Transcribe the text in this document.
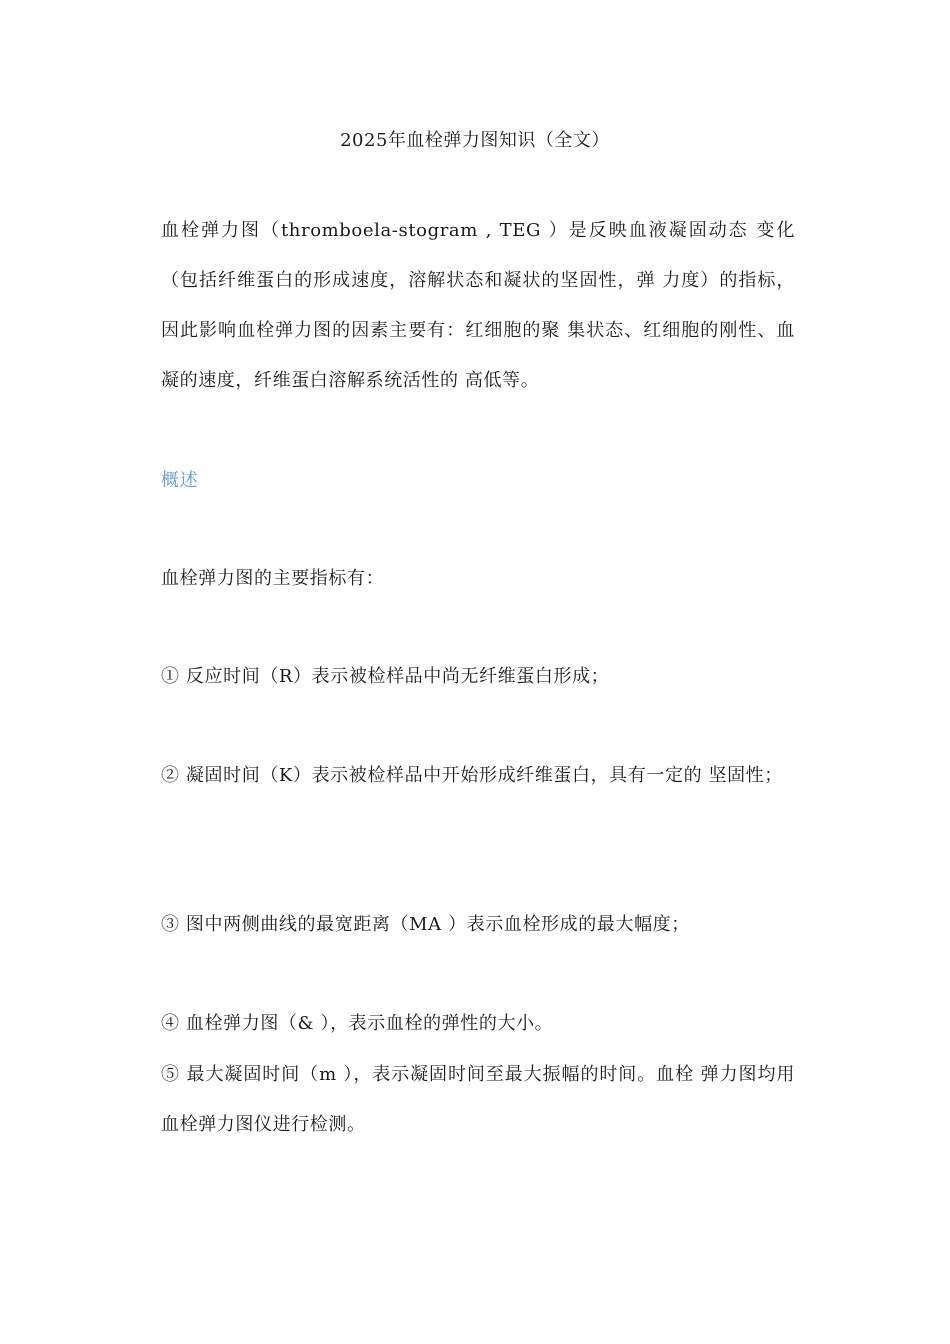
2025年血栓弹力图知识（全文）
血栓弹力图（thromboela-stogram , TEG ）是反映血液凝固动态 变化（包括纤维蛋白的形成速度，溶解状态和凝状的坚固性，弹 力度）的指标，因此影响血栓弹力图的因素主要有：红细胞的聚 集状态、红细胞的刚性、血凝的速度，纤维蛋白溶解系统活性的 高低等。
概述
血栓弹力图的主要指标有：
① 反应时间（R）表示被检样品中尚无纤维蛋白形成；
② 凝固时间（K）表示被检样品中开始形成纤维蛋白，具有一定的 坚固性；
③ 图中两侧曲线的最宽距离（MA ）表示血栓形成的最大幅度；
④ 血栓弹力图（& ），表示血栓的弹性的大小。
⑤ 最大凝固时间（m ），表示凝固时间至最大振幅的时间。血栓 弹力图均用血栓弹力图仪进行检测。
